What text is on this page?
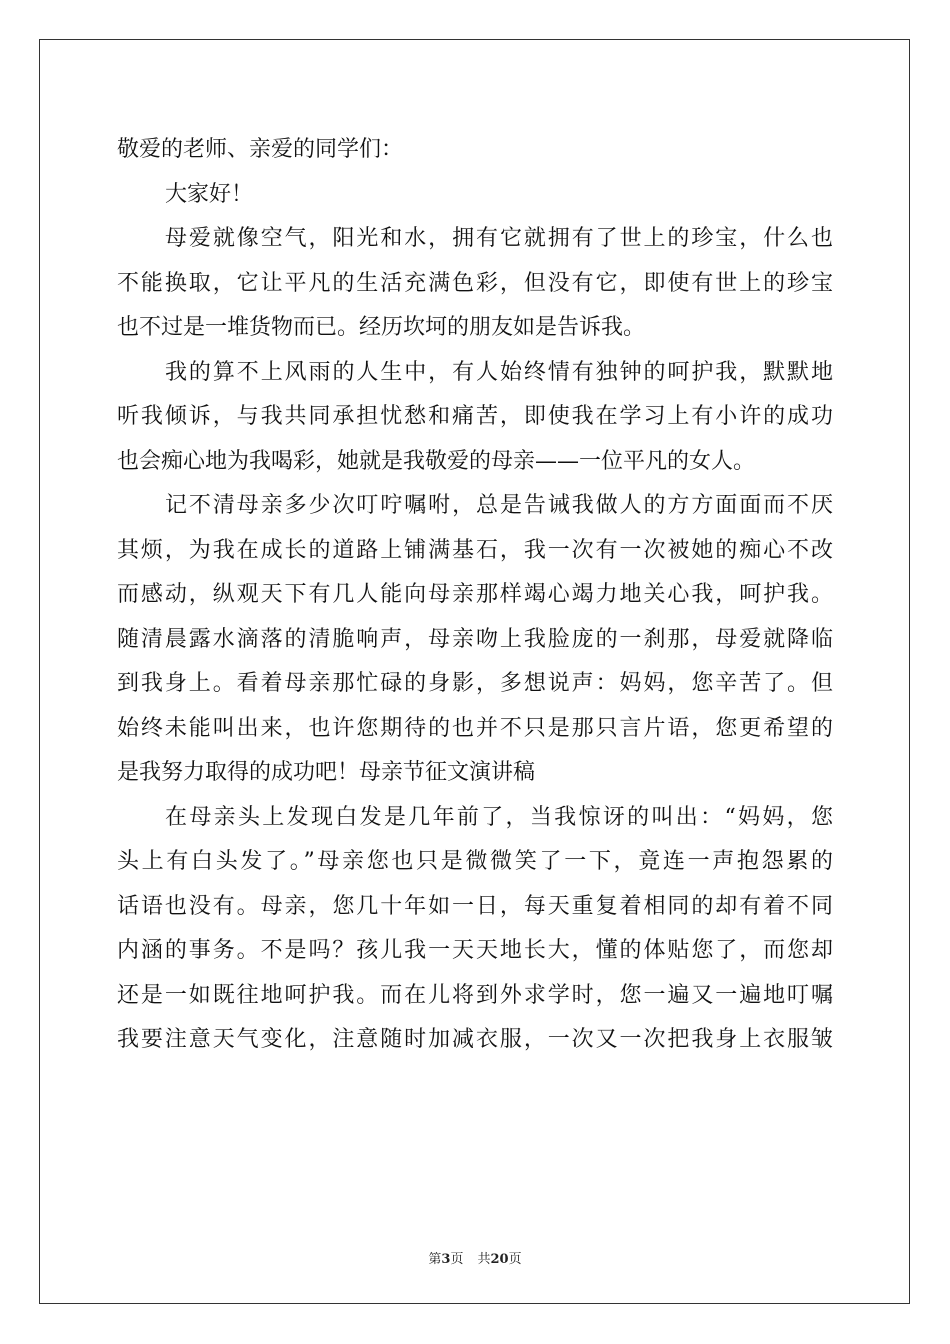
敬爱的老师、亲爱的同学们：
大家好！
母爱就像空气，阳光和水，拥有它就拥有了世上的珍宝，什么也
不能换取，它让平凡的生活充满色彩，但没有它，即使有世上的珍宝
也不过是一堆货物而已。经历坎坷的朋友如是告诉我。
我的算不上风雨的人生中，有人始终情有独钟的呵护我，默默地
听我倾诉，与我共同承担忧愁和痛苦，即使我在学习上有小许的成功
也会痴心地为我喝彩，她就是我敬爱的母亲——一位平凡的女人。
记不清母亲多少次叮咛嘱咐，总是告诫我做人的方方面面而不厌
其烦，为我在成长的道路上铺满基石，我一次有一次被她的痴心不改
而感动，纵观天下有几人能向母亲那样竭心竭力地关心我，呵护我。
随清晨露水滴落的清脆响声，母亲吻上我脸庞的一刹那，母爱就降临
到我身上。看着母亲那忙碌的身影，多想说声：妈妈，您辛苦了。但
始终未能叫出来，也许您期待的也并不只是那只言片语，您更希望的
是我努力取得的成功吧！母亲节征文演讲稿
在母亲头上发现白发是几年前了，当我惊讶的叫出：“妈妈，您
头上有白头发了。”母亲您也只是微微笑了一下，竟连一声抱怨累的
话语也没有。母亲，您几十年如一日，每天重复着相同的却有着不同
内涵的事务。不是吗？孩儿我一天天地长大，懂的体贴您了，而您却
还是一如既往地呵护我。而在儿将到外求学时，您一遍又一遍地叮嘱
我要注意天气变化，注意随时加减衣服，一次又一次把我身上衣服皱
第3页 共20页
